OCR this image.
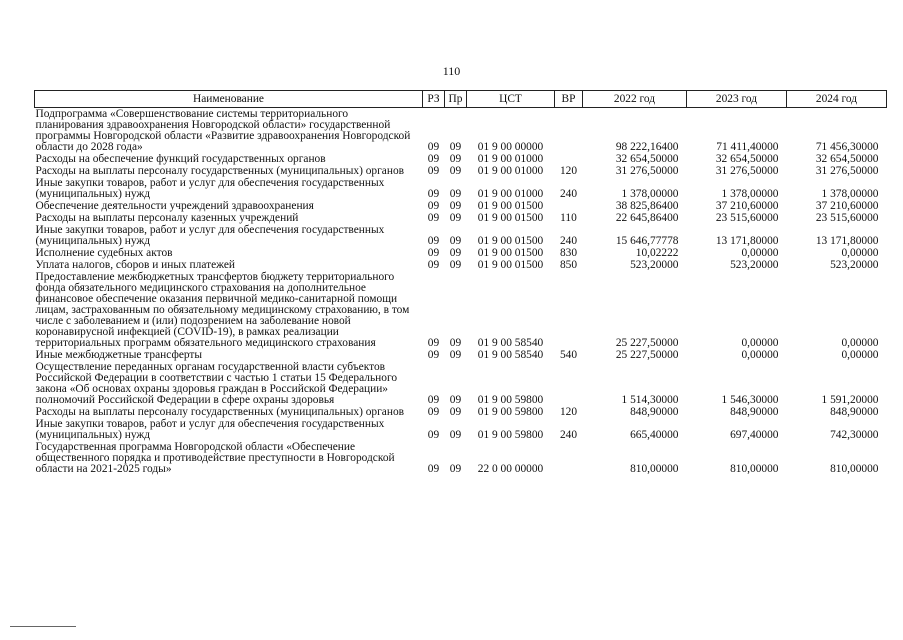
110
Наименование	РЗ	Пр	ЦСТ	ВР	2022 год	2023 год	2024 год
Подпрограмма «Совершенствование системы территориального планирования здравоохранения Новгородской области» государственной программы Новгородской области «Развитие здравоохранения Новгородской области до 2028 года»	09	09	01 9 00 00000		98 222,16400	71 411,40000	71 456,30000
Расходы на обеспечение функций государственных органов	09	09	01 9 00 01000		32 654,50000	32 654,50000	32 654,50000
Расходы на выплаты персоналу государственных (муниципальных) органов	09	09	01 9 00 01000	120	31 276,50000	31 276,50000	31 276,50000
Иные закупки товаров, работ и услуг для обеспечения государственных (муниципальных) нужд	09	09	01 9 00 01000	240	1 378,00000	1 378,00000	1 378,00000
Обеспечение деятельности учреждений здравоохранения	09	09	01 9 00 01500		38 825,86400	37 210,60000	37 210,60000
Расходы на выплаты персоналу казенных учреждений	09	09	01 9 00 01500	110	22 645,86400	23 515,60000	23 515,60000
Иные закупки товаров, работ и услуг для обеспечения государственных (муниципальных) нужд	09	09	01 9 00 01500	240	15 646,77778	13 171,80000	13 171,80000
Исполнение судебных актов	09	09	01 9 00 01500	830	10,02222	0,00000	0,00000
Уплата налогов, сборов и иных платежей	09	09	01 9 00 01500	850	523,20000	523,20000	523,20000
Предоставление межбюджетных трансфертов бюджету территориального фонда обязательного медицинского страхования на дополнительное финансовое обеспечение оказания первичной медико-санитарной помощи лицам, застрахованным по обязательному медицинскому страхованию, в том числе с заболеванием и (или) подозрением на заболевание новой коронавирусной инфекцией (COVID-19), в рамках реализации территориальных программ обязательного медицинского страхования	09	09	01 9 00 58540		25 227,50000	0,00000	0,00000
Иные межбюджетные трансферты	09	09	01 9 00 58540	540	25 227,50000	0,00000	0,00000
Осуществление переданных органам государственной власти субъектов Российской Федерации в соответствии с частью 1 статьи 15 Федерального закона «Об основах охраны здоровья граждан в Российской Федерации» полномочий Российской Федерации в сфере охраны здоровья	09	09	01 9 00 59800		1 514,30000	1 546,30000	1 591,20000
Расходы на выплаты персоналу государственных (муниципальных) органов	09	09	01 9 00 59800	120	848,90000	848,90000	848,90000
Иные закупки товаров, работ и услуг для обеспечения государственных (муниципальных) нужд	09	09	01 9 00 59800	240	665,40000	697,40000	742,30000
Государственная программа Новгородской области «Обеспечение общественного порядка и противодействие преступности в Новгородской области на 2021-2025 годы»	09	09	22 0 00 00000		810,00000	810,00000	810,00000
